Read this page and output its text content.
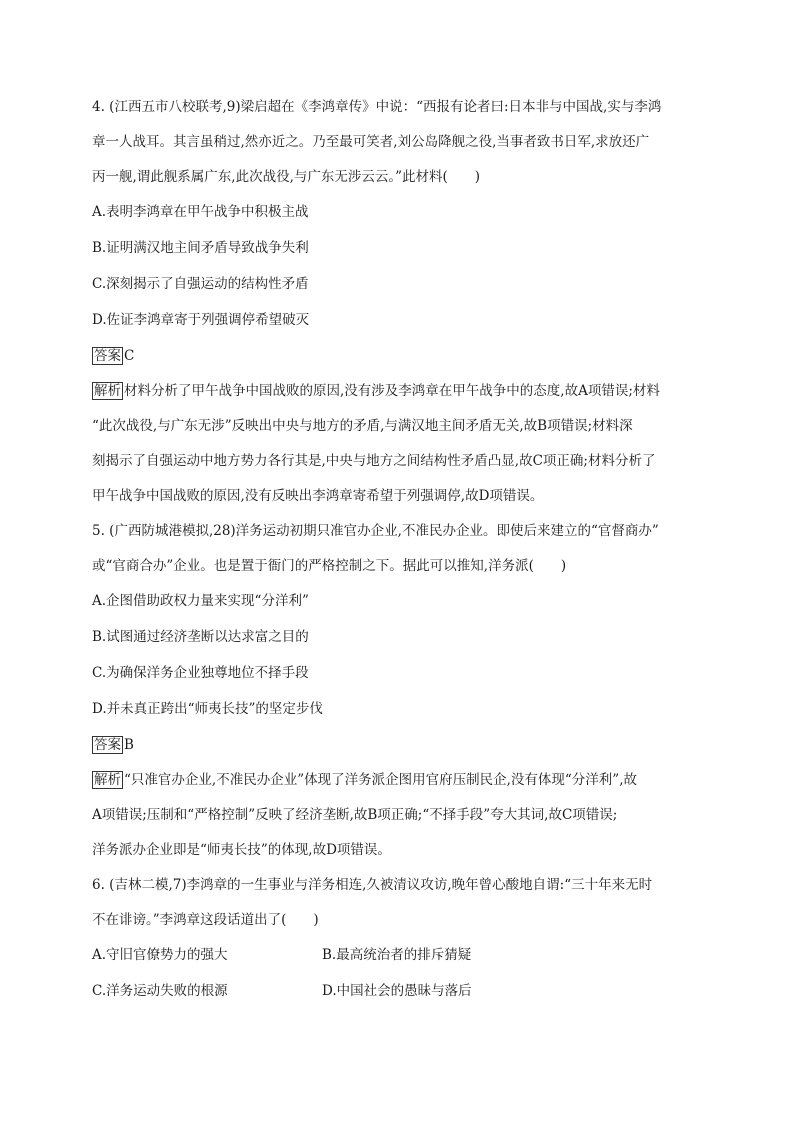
4. (江西五市八校联考,9)梁启超在《李鸿章传》中说：“西报有论者曰:日本非与中国战,实与李鸿

章一人战耳。其言虽稍过,然亦近之。乃至最可笑者,刘公岛降舰之役,当事者致书日军,求放还广

丙一舰,谓此舰系属广东,此次战役,与广东无涉云云。”此材料(　　)

A.表明李鸿章在甲午战争中积极主战

B.证明满汉地主间矛盾导致战争失利

C.深刻揭示了自强运动的结构性矛盾

D.佐证李鸿章寄于列强调停希望破灭

答案 C

解析 材料分析了甲午战争中国战败的原因,没有涉及李鸿章在甲午战争中的态度,故A项错误;材料

“此次战役,与广东无涉”反映出中央与地方的矛盾,与满汉地主间矛盾无关,故B项错误;材料深

刻揭示了自强运动中地方势力各行其是,中央与地方之间结构性矛盾凸显,故C项正确;材料分析了

甲午战争中国战败的原因,没有反映出李鸿章寄希望于列强调停,故D项错误。

5. (广西防城港模拟,28)洋务运动初期只准官办企业,不准民办企业。即使后来建立的“官督商办”

或“官商合办”企业。也是置于衙门的严格控制之下。据此可以推知,洋务派(　　)

A.企图借助政权力量来实现“分洋利”

B.试图通过经济垄断以达求富之目的

C.为确保洋务企业独尊地位不择手段

D.并未真正跨出“师夷长技”的坚定步伐

答案 B

解析 “只准官办企业,不准民办企业”体现了洋务派企图用官府压制民企,没有体现“分洋利”,故

A项错误;压制和“严格控制”反映了经济垄断,故B项正确;“不择手段”夸大其词,故C项错误;

洋务派办企业即是“师夷长技”的体现,故D项错误。

6. (吉林二模,7)李鸿章的一生事业与洋务相连,久被清议攻访,晚年曾心酸地自谓:“三十年来无时

不在诽谤。”李鸿章这段话道出了(　　)

A.守旧官僚势力的强大	B.最高统治者的排斥猜疑
C.洋务运动失败的根源	D.中国社会的愚昧与落后
